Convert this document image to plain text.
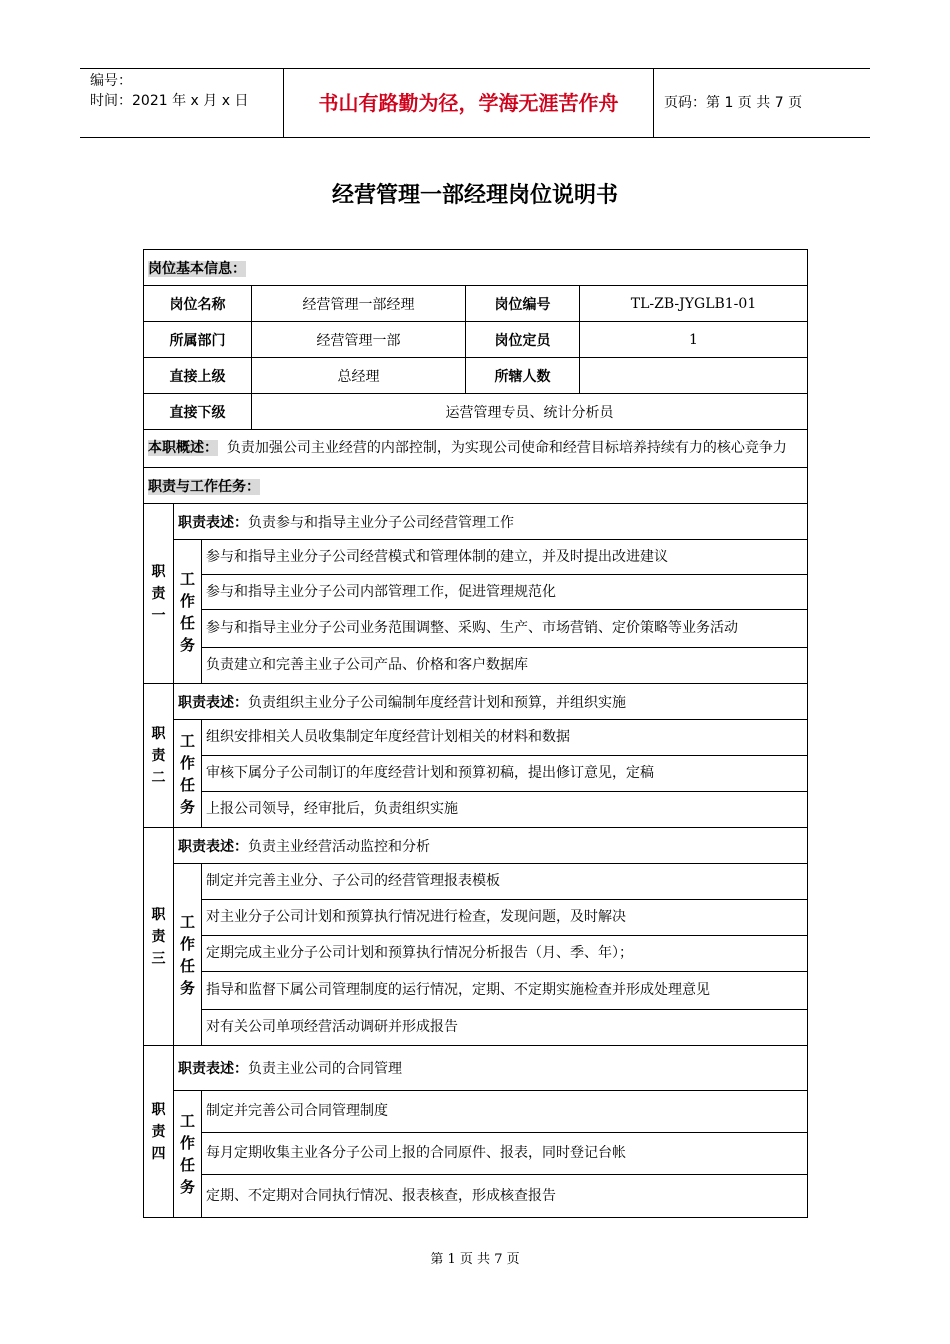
编号：
时间：2021 年 x 月 x 日	书山有路勤为径，学海无涯苦作舟	页码：第 1 页 共 7 页
经营管理一部经理岗位说明书
岗位基本信息：					
岗位名称			经营管理一部经理	岗位编号	TL-ZB-JYGLB1-01
所属部门			经营管理一部	岗位定员	1
直接上级			总经理	所辖人数	
直接下级			运营管理专员、统计分析员		
本职概述： 负责加强公司主业经营的内部控制，为实现公司使命和经营目标培养持续有力的核心竞争力					
职责与工作任务：					
职
责
一	职责表述：负责参与和指导主业分子公司经营管理工作				
	工
作
任
务	参与和指导主业分子公司经营模式和管理体制的建立，并及时提出改进建议			
		参与和指导主业分子公司内部管理工作，促进管理规范化			
		参与和指导主业分子公司业务范围调整、采购、生产、市场营销、定价策略等业务活动			
		负责建立和完善主业子公司产品、价格和客户数据库			
职
责
二	职责表述：负责组织主业分子公司编制年度经营计划和预算，并组织实施				
	工
作
任
务	组织安排相关人员收集制定年度经营计划相关的材料和数据			
		审核下属分子公司制订的年度经营计划和预算初稿，提出修订意见，定稿			
		上报公司领导，经审批后，负责组织实施			
职
责
三	职责表述：负责主业经营活动监控和分析				
	工
作
任
务	制定并完善主业分、子公司的经营管理报表模板			
		对主业分子公司计划和预算执行情况进行检查，发现问题，及时解决			
		定期完成主业分子公司计划和预算执行情况分析报告（月、季、年）；			
		指导和监督下属公司管理制度的运行情况，定期、不定期实施检查并形成处理意见			
		对有关公司单项经营活动调研并形成报告			
职
责
四	职责表述：负责主业公司的合同管理				
	工
作
任
务	制定并完善公司合同管理制度			
		每月定期收集主业各分子公司上报的合同原件、报表，同时登记台帐			
		定期、不定期对合同执行情况、报表核查，形成核查报告			
第 1 页 共 7 页
